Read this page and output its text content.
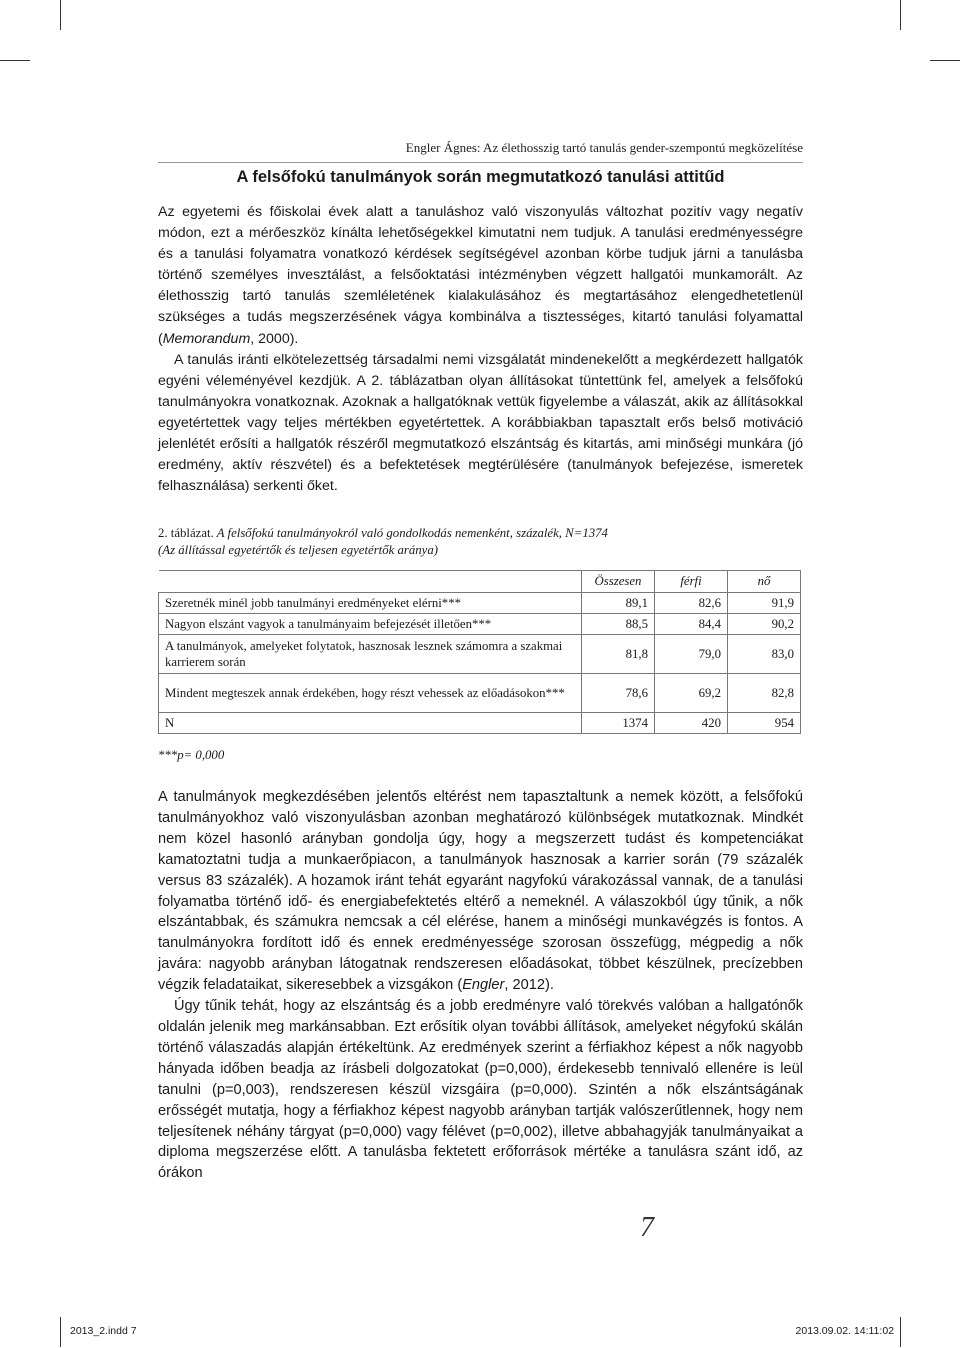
Engler Ágnes: Az élethosszig tartó tanulás gender-szempontú megközelítése
A felsőfokú tanulmányok során megmutatkozó tanulási attitűd

Az egyetemi és főiskolai évek alatt a tanuláshoz való viszonyulás változhat pozitív vagy negatív módon, ezt a mérőeszköz kínálta lehetőségekkel kimutatni nem tudjuk. A tanulási eredményességre és a tanulási folyamatra vonatkozó kérdések segítségével azonban körbe tudjuk járni a tanulásba történő személyes invesztálást, a felsőoktatási intézményben végzett hallgatói munkamorált. Az élethosszig tartó tanulás szemléletének kialakulásához és megtartásához elengedhetetlenül szükséges a tudás megszerzésének vágya kombinálva a tisztességes, kitartó tanulási folyamattal (Memorandum, 2000).

A tanulás iránti elkötelezettség társadalmi nemi vizsgálatát mindenekelőtt a megkérdezett hallgatók egyéni véleményével kezdjük. A 2. táblázatban olyan állításokat tüntettünk fel, amelyek a felsőfokú tanulmányokra vonatkoznak. Azoknak a hallgatóknak vettük figyelembe a válaszát, akik az állításokkal egyetértettek vagy teljes mértékben egyetértettek. A korábbiakban tapasztalt erős belső motiváció jelenlétét erősíti a hallgatók részéről megmutatkozó elszántság és kitartás, ami minőségi munkára (jó eredmény, aktív részvétel) és a befektetések megtérülésére (tanulmányok befejezése, ismeretek felhasználása) serkenti őket.

2. táblázat. A felsőfokú tanulmányokról való gondolkodás nemenként, százalék, N=1374
(Az állítással egyetértők és teljesen egyetértők aránya)
	Összesen	férfi	nő
Szeretnék minél jobb tanulmányi eredményeket elérni***	89,1	82,6	91,9
Nagyon elszánt vagyok a tanulmányaim befejezését illetően***	88,5	84,4	90,2
A tanulmányok, amelyeket folytatok, hasznosak lesznek számomra a szakmai karrierem során	81,8	79,0	83,0
Mindent megteszek annak érdekében, hogy részt vehessek az előadásokon***	78,6	69,2	82,8
N	1374	420	954
***p= 0,000

A tanulmányok megkezdésében jelentős eltérést nem tapasztaltunk a nemek között, a felsőfokú tanulmányokhoz való viszonyulásban azonban meghatározó különbségek mutatkoznak. Mindkét nem közel hasonló arányban gondolja úgy, hogy a megszerzett tudást és kompetenciákat kamatoztatni tudja a munkaerőpiacon, a tanulmányok hasznosak a karrier során (79 százalék versus 83 százalék). A hozamok iránt tehát egyaránt nagyfokú várakozással vannak, de a tanulási folyamatba történő idő- és energiabefektetés eltérő a nemeknél. A válaszokból úgy tűnik, a nők elszántabbak, és számukra nemcsak a cél elérése, hanem a minőségi munkavégzés is fontos. A tanulmányokra fordított idő és ennek eredményessége szorosan összefügg, mégpedig a nők javára: nagyobb arányban látogatnak rendszeresen előadásokat, többet készülnek, precízebben végzik feladataikat, sikeresebbek a vizsgákon (Engler, 2012).

Úgy tűnik tehát, hogy az elszántság és a jobb eredményre való törekvés valóban a hallgatónők oldalán jelenik meg markánsabban. Ezt erősítik olyan további állítások, amelyeket négyfokú skálán történő válaszadás alapján értékeltünk. Az eredmények szerint a férfiakhoz képest a nők nagyobb hányada időben beadja az írásbeli dolgozatokat (p=0,000), érdekesebb tennivaló ellenére is leül tanulni (p=0,003), rendszeresen készül vizsgáira (p=0,000). Szintén a nők elszántságának erősségét mutatja, hogy a férfiakhoz képest nagyobb arányban tartják valószerűtlennek, hogy nem teljesítenek néhány tárgyat (p=0,000) vagy félévet (p=0,002), illetve abbahagyják tanulmányaikat a diploma megszerzése előtt. A tanulásba fektetett erőforrások mértéke a tanulásra szánt idő, az órákon

7
2013_2.indd 7	2013.09.02. 14:11:02
